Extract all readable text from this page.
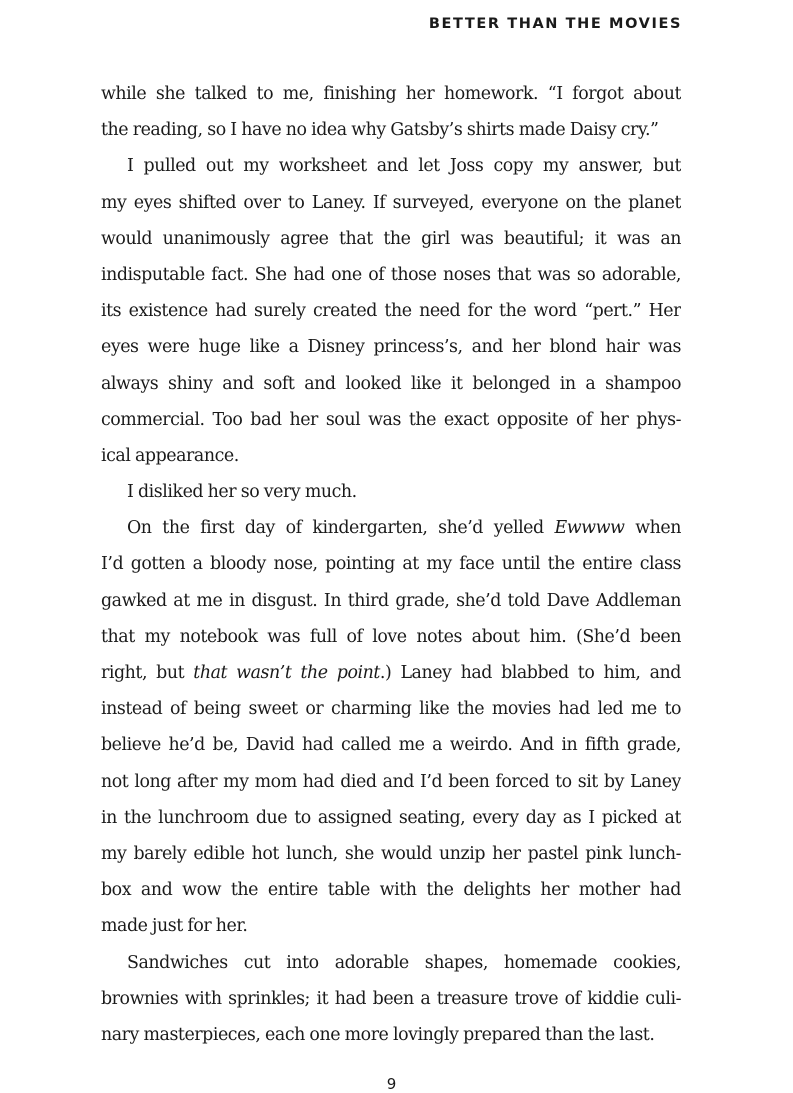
BETTER THAN THE MOVIES
while she talked to me, finishing her homework. “I forgot about
the reading, so I have no idea why Gatsby’s shirts made Daisy cry.”
I pulled out my worksheet and let Joss copy my answer, but
my eyes shifted over to Laney. If surveyed, everyone on the planet
would unanimously agree that the girl was beautiful; it was an
indisputable fact. She had one of those noses that was so adorable,
its existence had surely created the need for the word “pert.” Her
eyes were huge like a Disney princess’s, and her blond hair was
always shiny and soft and looked like it belonged in a shampoo
commercial. Too bad her soul was the exact opposite of her phys-
ical appearance.
I disliked her so very much.
On the first day of kindergarten, she’d yelled Ewwww when
I’d gotten a bloody nose, pointing at my face until the entire class
gawked at me in disgust. In third grade, she’d told Dave Addleman
that my notebook was full of love notes about him. (She’d been
right, but that wasn’t the point.) Laney had blabbed to him, and
instead of being sweet or charming like the movies had led me to
believe he’d be, David had called me a weirdo. And in fifth grade,
not long after my mom had died and I’d been forced to sit by Laney
in the lunchroom due to assigned seating, every day as I picked at
my barely edible hot lunch, she would unzip her pastel pink lunch-
box and wow the entire table with the delights her mother had
made just for her.
Sandwiches cut into adorable shapes, homemade cookies,
brownies with sprinkles; it had been a treasure trove of kiddie culi-
nary masterpieces, each one more lovingly prepared than the last.
9
